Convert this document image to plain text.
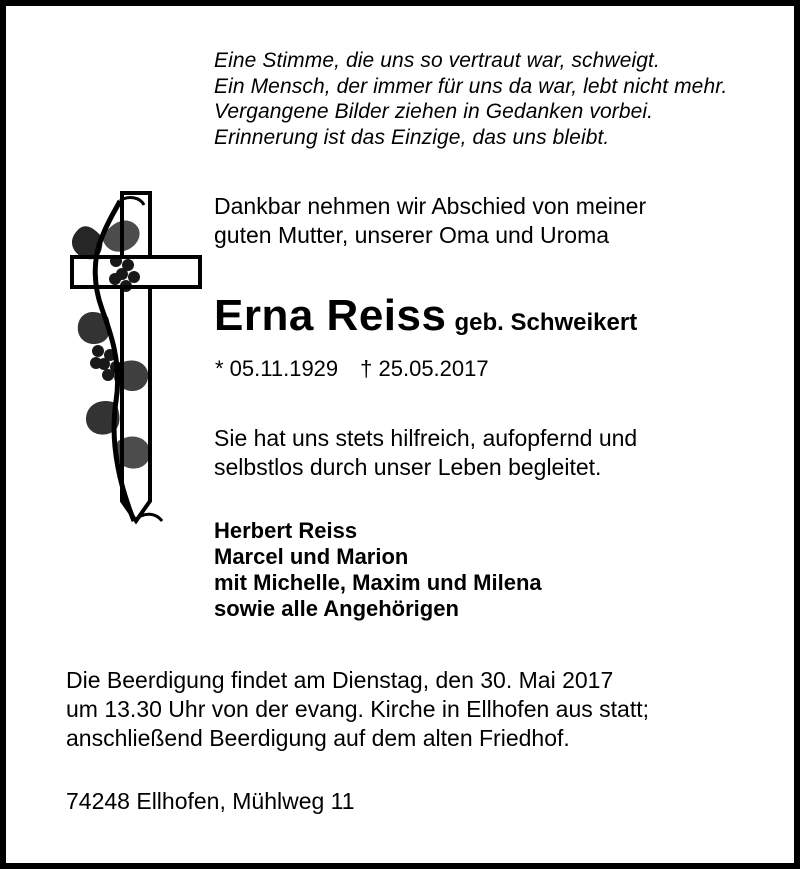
Eine Stimme, die uns so vertraut war, schweigt.
Ein Mensch, der immer für uns da war, lebt nicht mehr.
Vergangene Bilder ziehen in Gedanken vorbei.
Erinnerung ist das Einzige, das uns bleibt.
Dankbar nehmen wir Abschied von meiner
guten Mutter, unserer Oma und Uroma
Erna Reiss geb. Schweikert
* 05.11.1929 † 25.05.2017
Sie hat uns stets hilfreich, aufopfernd und
selbstlos durch unser Leben begleitet.
Herbert Reiss
Marcel und Marion
mit Michelle, Maxim und Milena
sowie alle Angehörigen
Die Beerdigung findet am Dienstag, den 30. Mai 2017
um 13.30 Uhr von der evang. Kirche in Ellhofen aus statt;
anschließend Beerdigung auf dem alten Friedhof.
74248 Ellhofen, Mühlweg 11
